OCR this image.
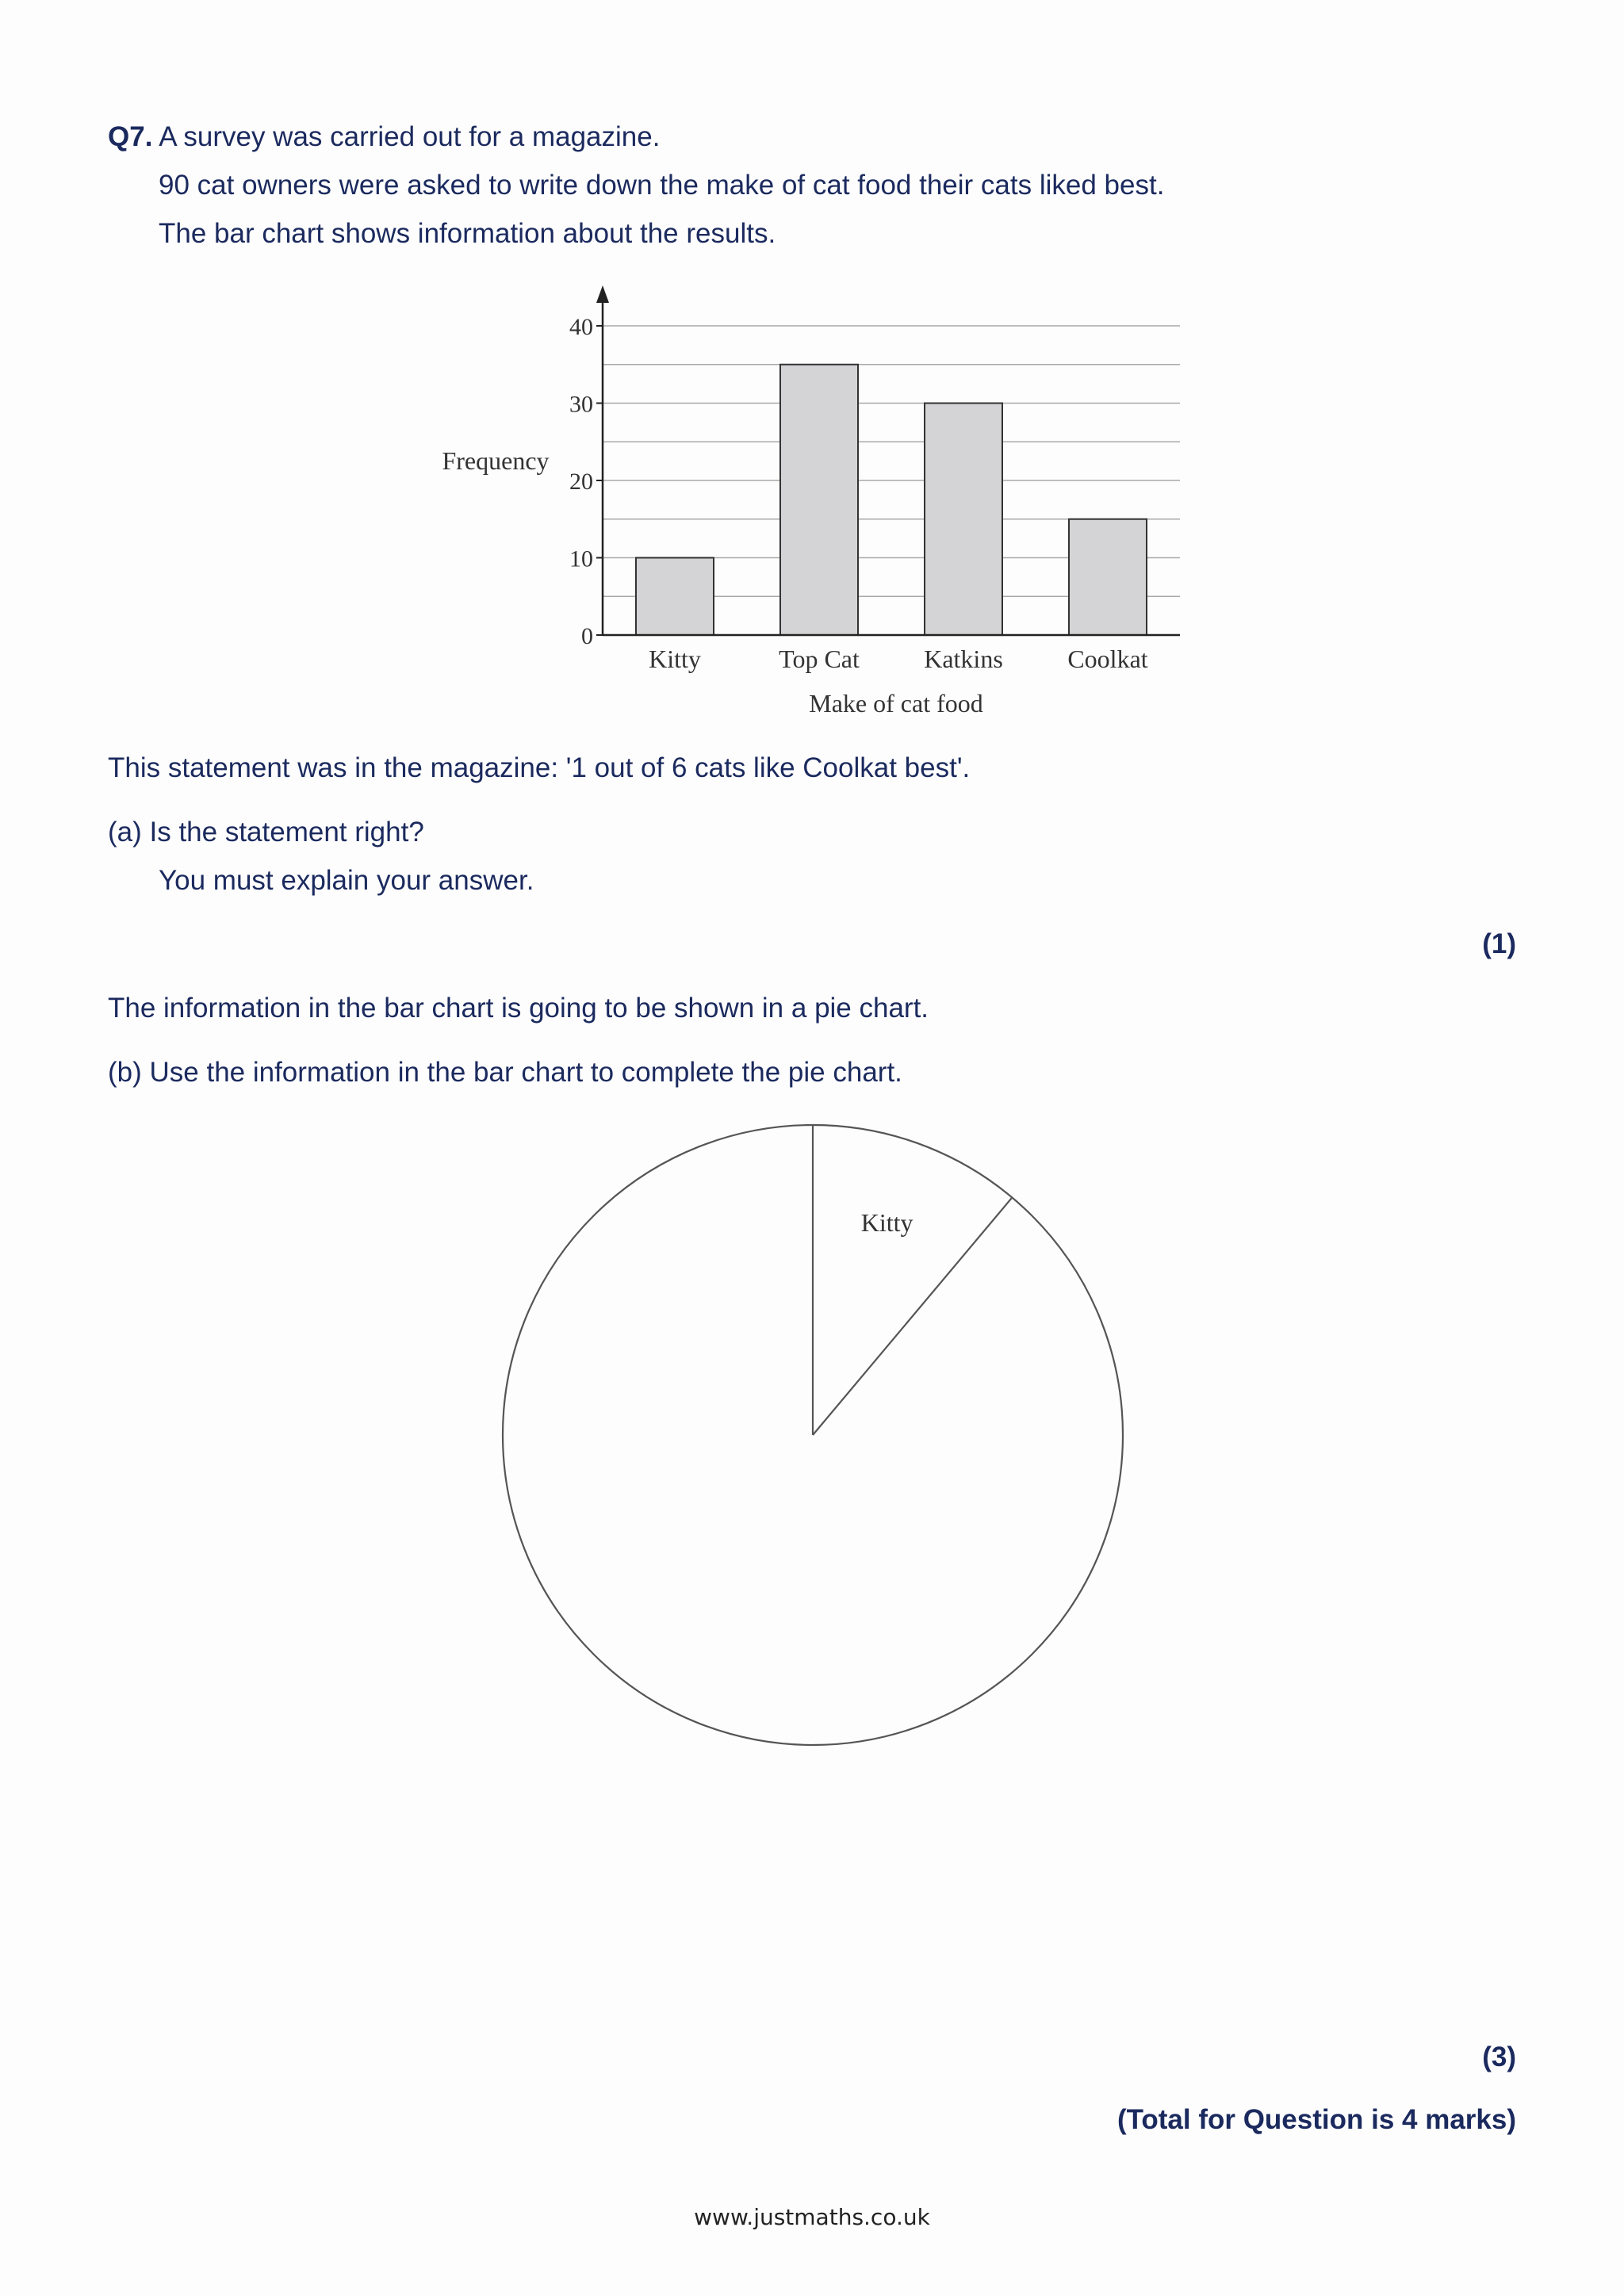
Q7. A survey was carried out for a magazine.
90 cat owners were asked to write down the make of cat food their cats liked best.
The bar chart shows information about the results.
0
10
20
30
40
Kitty	Top Cat	Katkins	Coolkat
Frequency
Make of cat food
This statement was in the magazine: '1 out of 6 cats like Coolkat best'.
(a) Is the statement right?
You must explain your answer.
(1)
The information in the bar chart is going to be shown in a pie chart.
(b) Use the information in the bar chart to complete the pie chart.
Kitty
(3)
(Total for Question is 4 marks)
www.justmaths.co.uk
